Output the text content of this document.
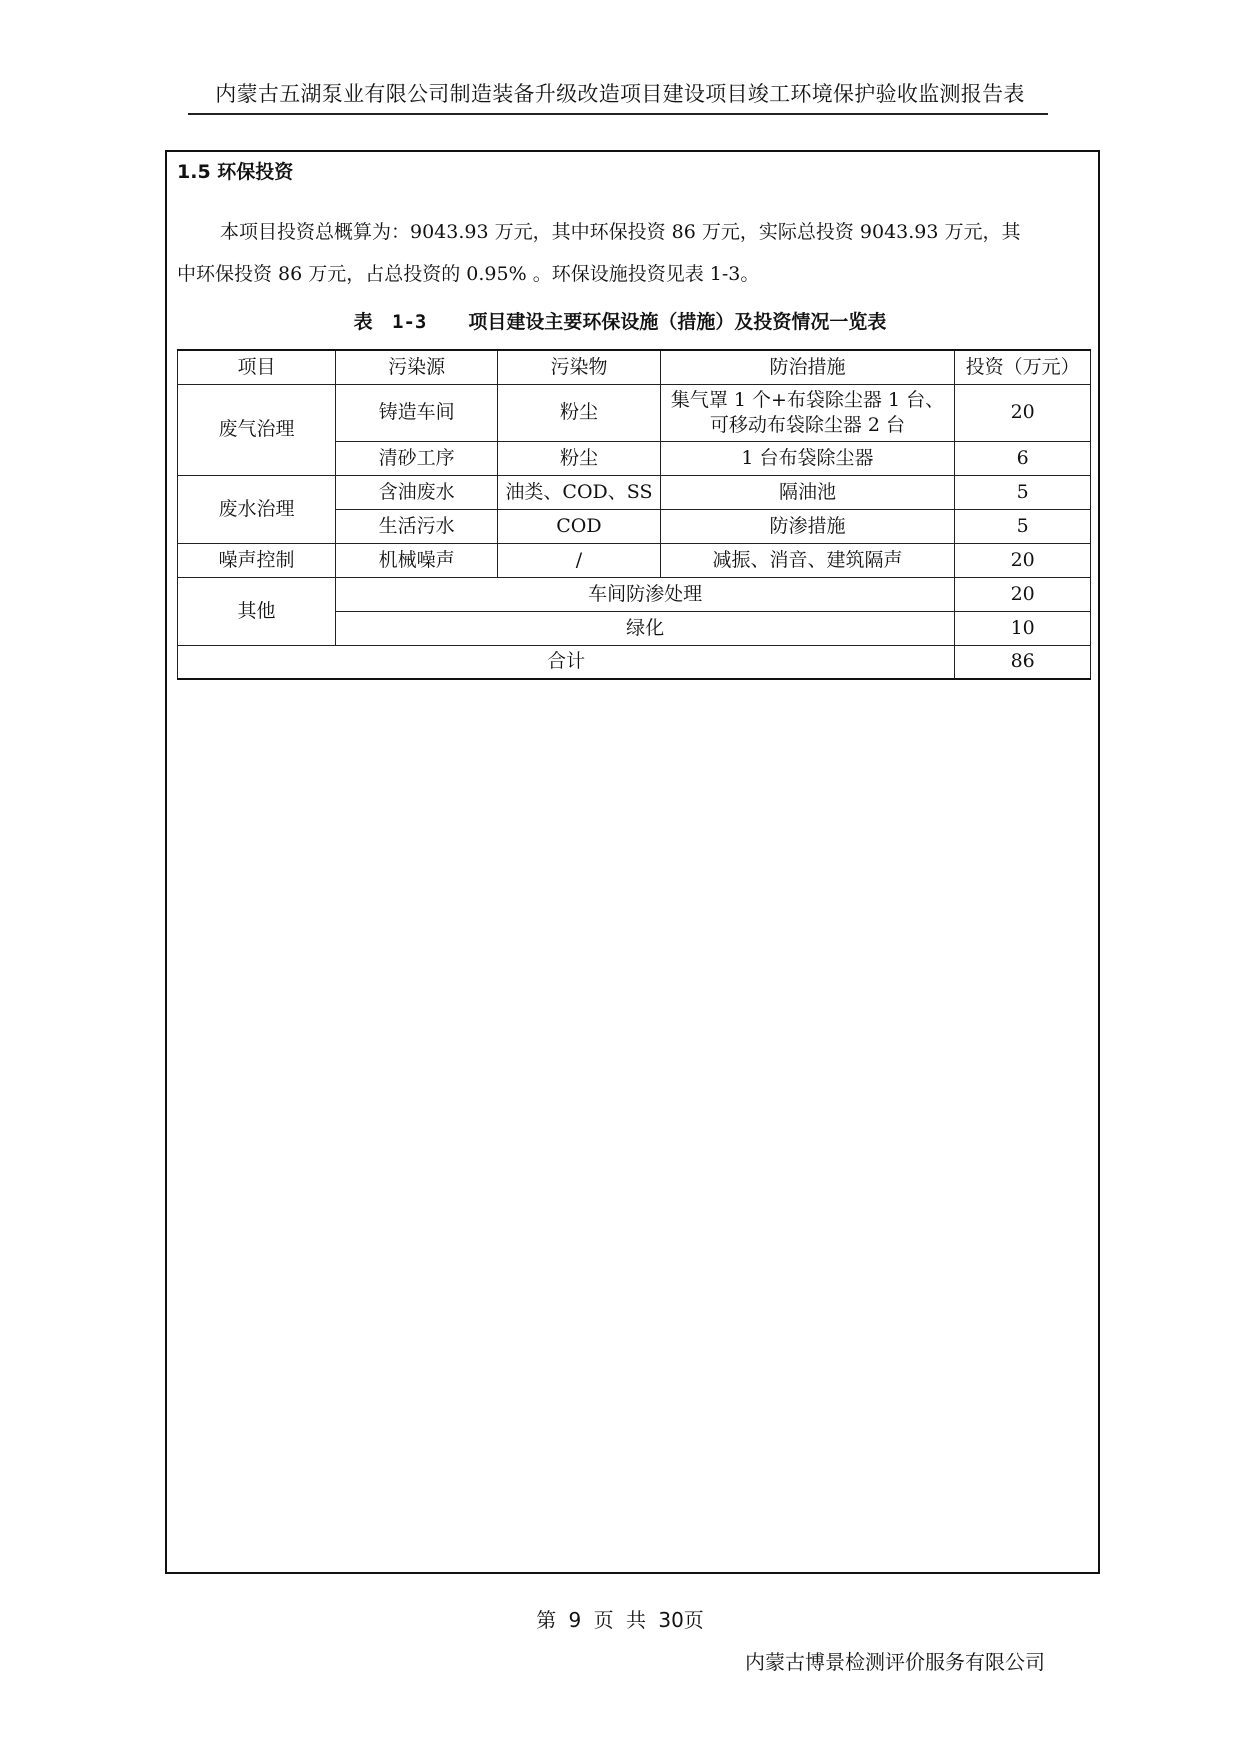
内蒙古五湖泵业有限公司制造装备升级改造项目建设项目竣工环境保护验收监测报告表
1.5 环保投资
本项目投资总概算为：9043.93 万元，其中环保投资 86 万元，实际总投资 9043.93 万元，其
中环保投资 86 万元，占总投资的 0.95% 。环保设施投资见表 1-3。
表 1-3 项目建设主要环保设施（措施）及投资情况一览表
项目	污染源	污染物	防治措施	投资（万元）
废气治理	铸造车间	粉尘	集气罩 1 个+布袋除尘器 1 台、可移动布袋除尘器 2 台	20
	清砂工序	粉尘	1 台布袋除尘器	6
废水治理	含油废水	油类、COD、SS	隔油池	5
	生活污水	COD	防渗措施	5
噪声控制	机械噪声	/	减振、消音、建筑隔声	20
其他	车间防渗处理			20
	绿化			10
合计				86
第 9 页 共 30页
内蒙古博景检测评价服务有限公司
